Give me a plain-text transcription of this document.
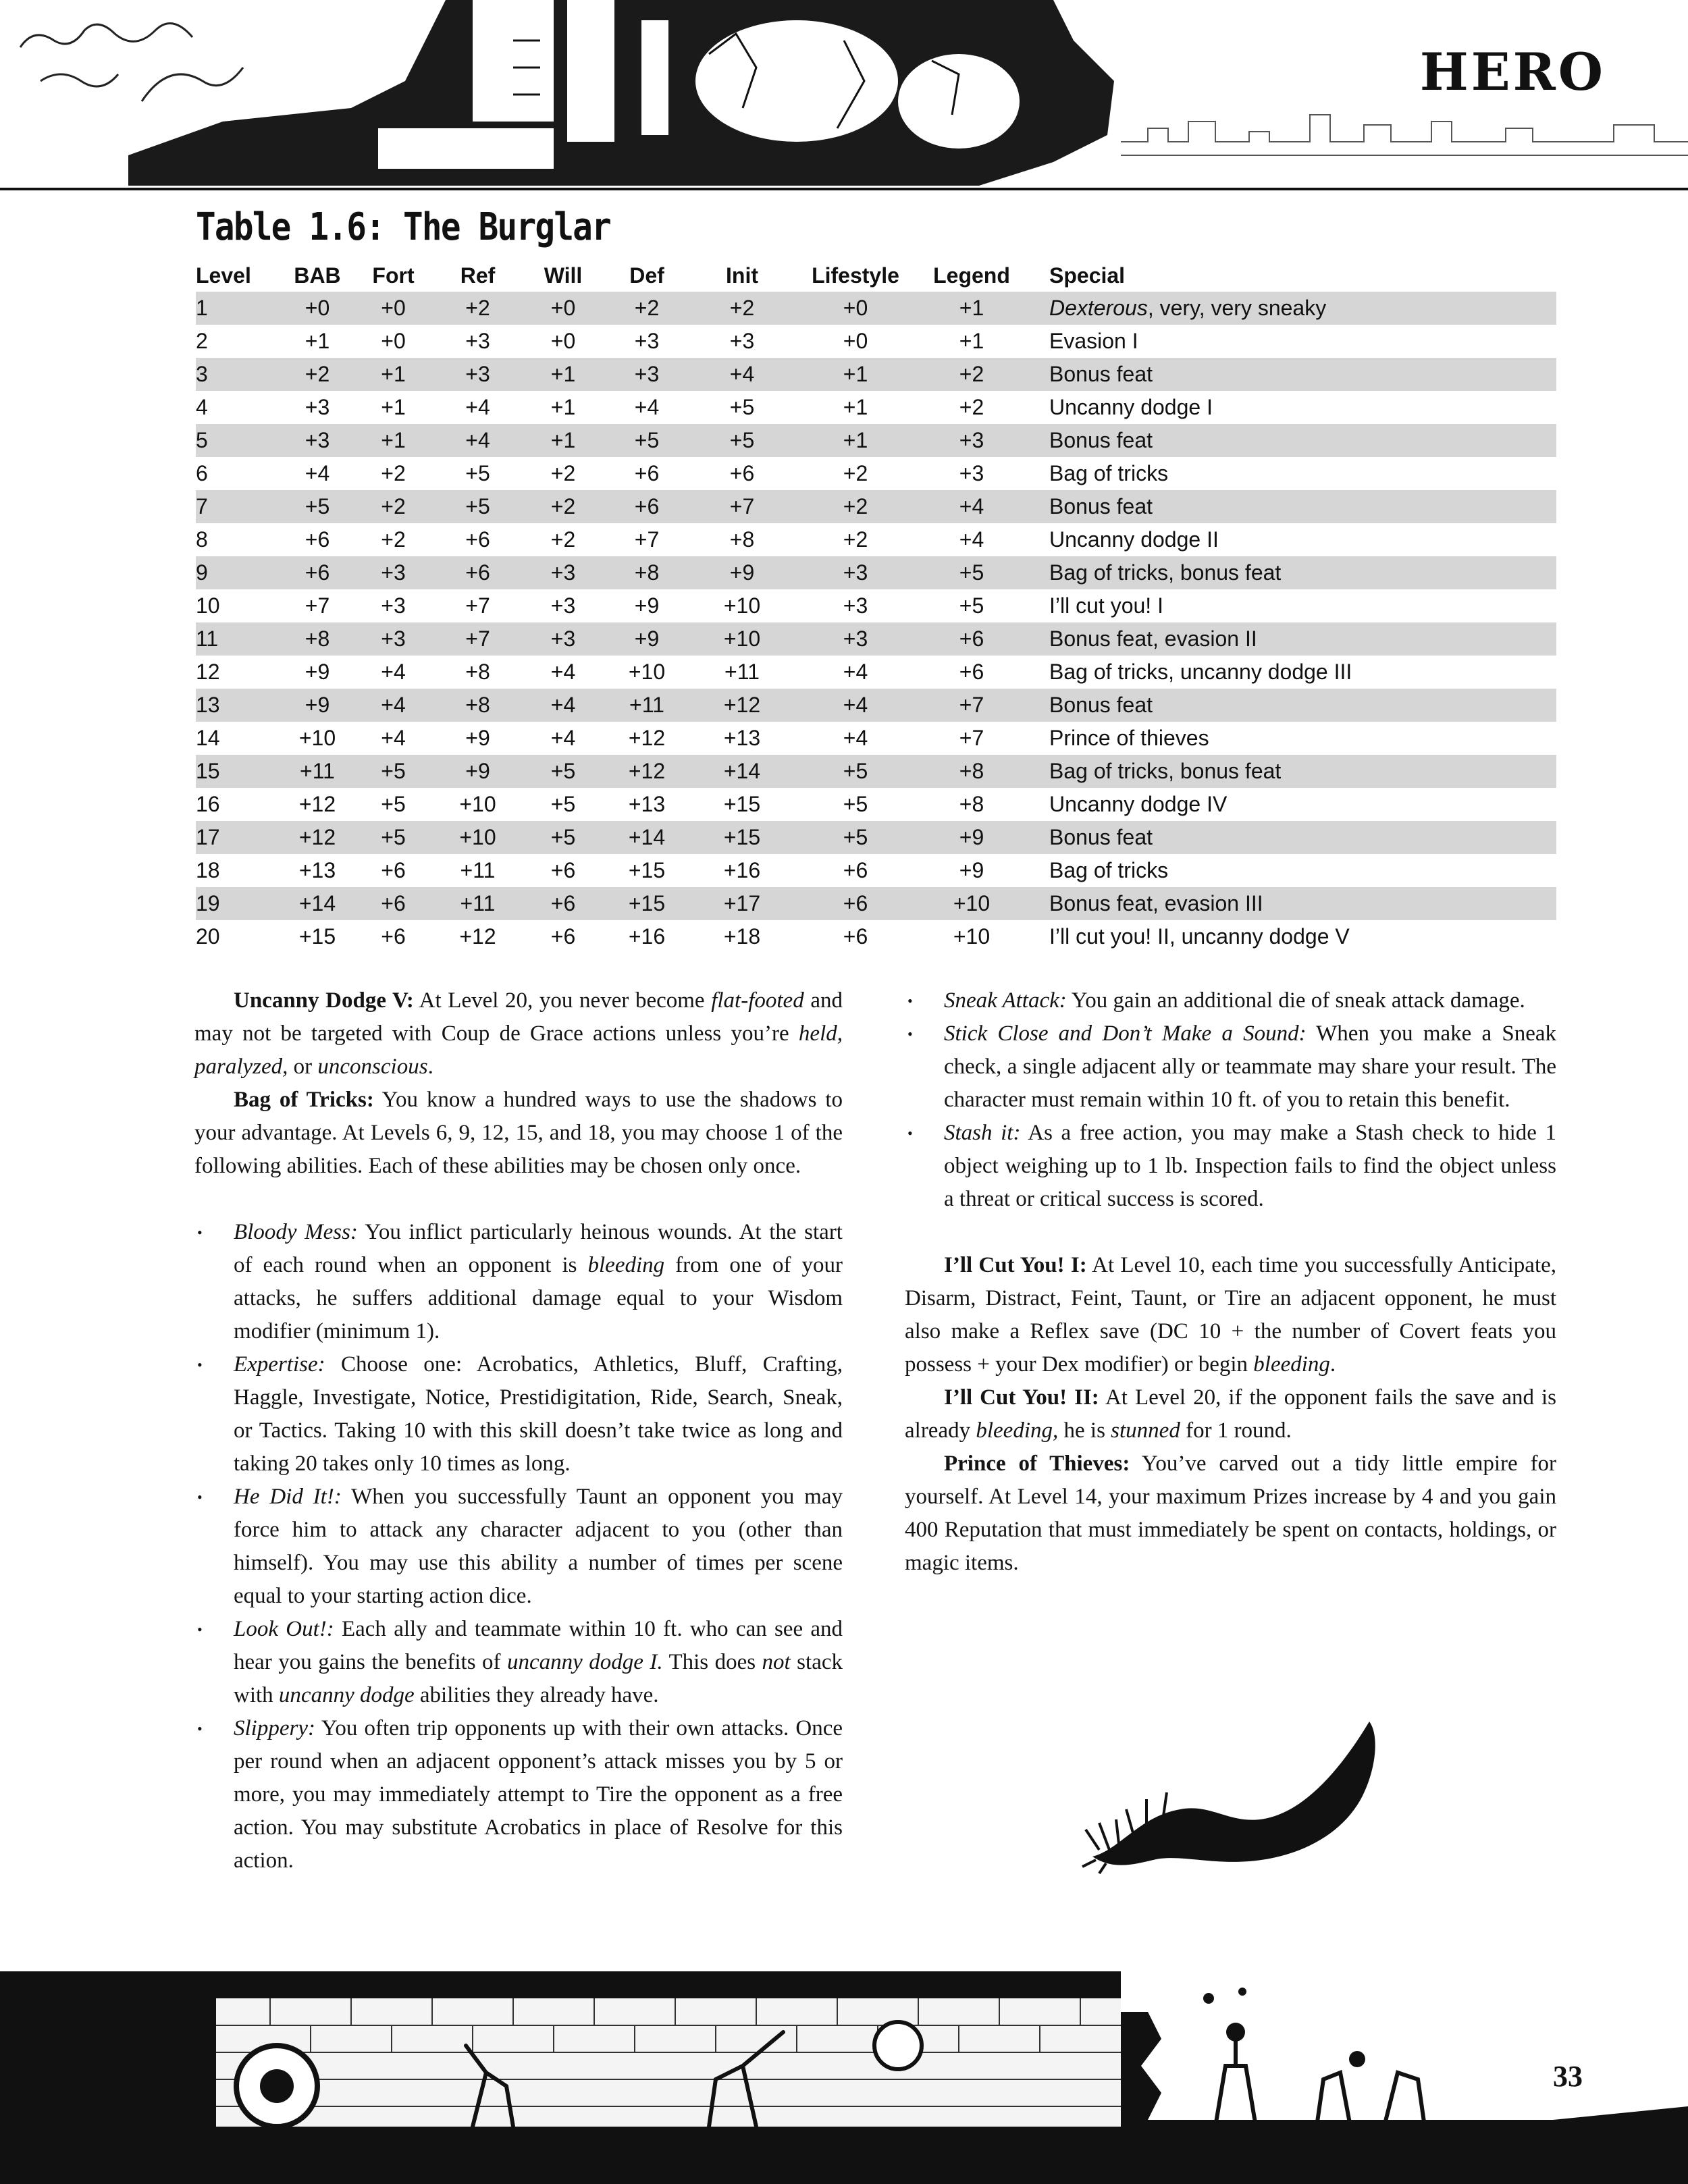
HERO
Table 1.6: The Burglar
Level	BAB	Fort	Ref	Will	Def	Init	Lifestyle	Legend	Special
1	+0	+0	+2	+0	+2	+2	+0	+1	Dexterous, very, very sneaky
2	+1	+0	+3	+0	+3	+3	+0	+1	Evasion I
3	+2	+1	+3	+1	+3	+4	+1	+2	Bonus feat
4	+3	+1	+4	+1	+4	+5	+1	+2	Uncanny dodge I
5	+3	+1	+4	+1	+5	+5	+1	+3	Bonus feat
6	+4	+2	+5	+2	+6	+6	+2	+3	Bag of tricks
7	+5	+2	+5	+2	+6	+7	+2	+4	Bonus feat
8	+6	+2	+6	+2	+7	+8	+2	+4	Uncanny dodge II
9	+6	+3	+6	+3	+8	+9	+3	+5	Bag of tricks, bonus feat
10	+7	+3	+7	+3	+9	+10	+3	+5	I’ll cut you! I
11	+8	+3	+7	+3	+9	+10	+3	+6	Bonus feat, evasion II
12	+9	+4	+8	+4	+10	+11	+4	+6	Bag of tricks, uncanny dodge III
13	+9	+4	+8	+4	+11	+12	+4	+7	Bonus feat
14	+10	+4	+9	+4	+12	+13	+4	+7	Prince of thieves
15	+11	+5	+9	+5	+12	+14	+5	+8	Bag of tricks, bonus feat
16	+12	+5	+10	+5	+13	+15	+5	+8	Uncanny dodge IV
17	+12	+5	+10	+5	+14	+15	+5	+9	Bonus feat
18	+13	+6	+11	+6	+15	+16	+6	+9	Bag of tricks
19	+14	+6	+11	+6	+15	+17	+6	+10	Bonus feat, evasion III
20	+15	+6	+12	+6	+16	+18	+6	+10	I’ll cut you! II, uncanny dodge V

Uncanny Dodge V: At Level 20, you never become flat-footed and may not be targeted with Coup de Grace actions unless you’re held, paralyzed, or unconscious.

Bag of Tricks: You know a hundred ways to use the shadows to your advantage. At Levels 6, 9, 12, 15, and 18, you may choose 1 of the following abilities. Each of these abilities may be chosen only once.

• Bloody Mess: You inflict particularly heinous wounds. At the start of each round when an opponent is bleeding from one of your attacks, he suffers additional damage equal to your Wisdom modifier (minimum 1).
• Expertise: Choose one: Acrobatics, Athletics, Bluff, Crafting, Haggle, Investigate, Notice, Prestidigitation, Ride, Search, Sneak, or Tactics. Taking 10 with this skill doesn’t take twice as long and taking 20 takes only 10 times as long.
• He Did It!: When you successfully Taunt an opponent you may force him to attack any character adjacent to you (other than himself). You may use this ability a number of times per scene equal to your starting action dice.
• Look Out!: Each ally and teammate within 10 ft. who can see and hear you gains the benefits of uncanny dodge I. This does not stack with uncanny dodge abilities they already have.
• Slippery: You often trip opponents up with their own attacks. Once per round when an adjacent opponent’s attack misses you by 5 or more, you may immediately attempt to Tire the opponent as a free action. You may substitute Acrobatics in place of Resolve for this action.
• Sneak Attack: You gain an additional die of sneak attack damage.
• Stick Close and Don’t Make a Sound: When you make a Sneak check, a single adjacent ally or teammate may share your result. The character must remain within 10 ft. of you to retain this benefit.
• Stash it: As a free action, you may make a Stash check to hide 1 object weighing up to 1 lb. Inspection fails to find the object unless a threat or critical success is scored.

I’ll Cut You! I: At Level 10, each time you successfully Anticipate, Disarm, Distract, Feint, Taunt, or Tire an adjacent opponent, he must also make a Reflex save (DC 10 + the number of Covert feats you possess + your Dex modifier) or begin bleeding.

I’ll Cut You! II: At Level 20, if the opponent fails the save and is already bleeding, he is stunned for 1 round.

Prince of Thieves: You’ve carved out a tidy little empire for yourself. At Level 14, your maximum Prizes increase by 4 and you gain 400 Reputation that must immediately be spent on contacts, holdings, or magic items.

33
